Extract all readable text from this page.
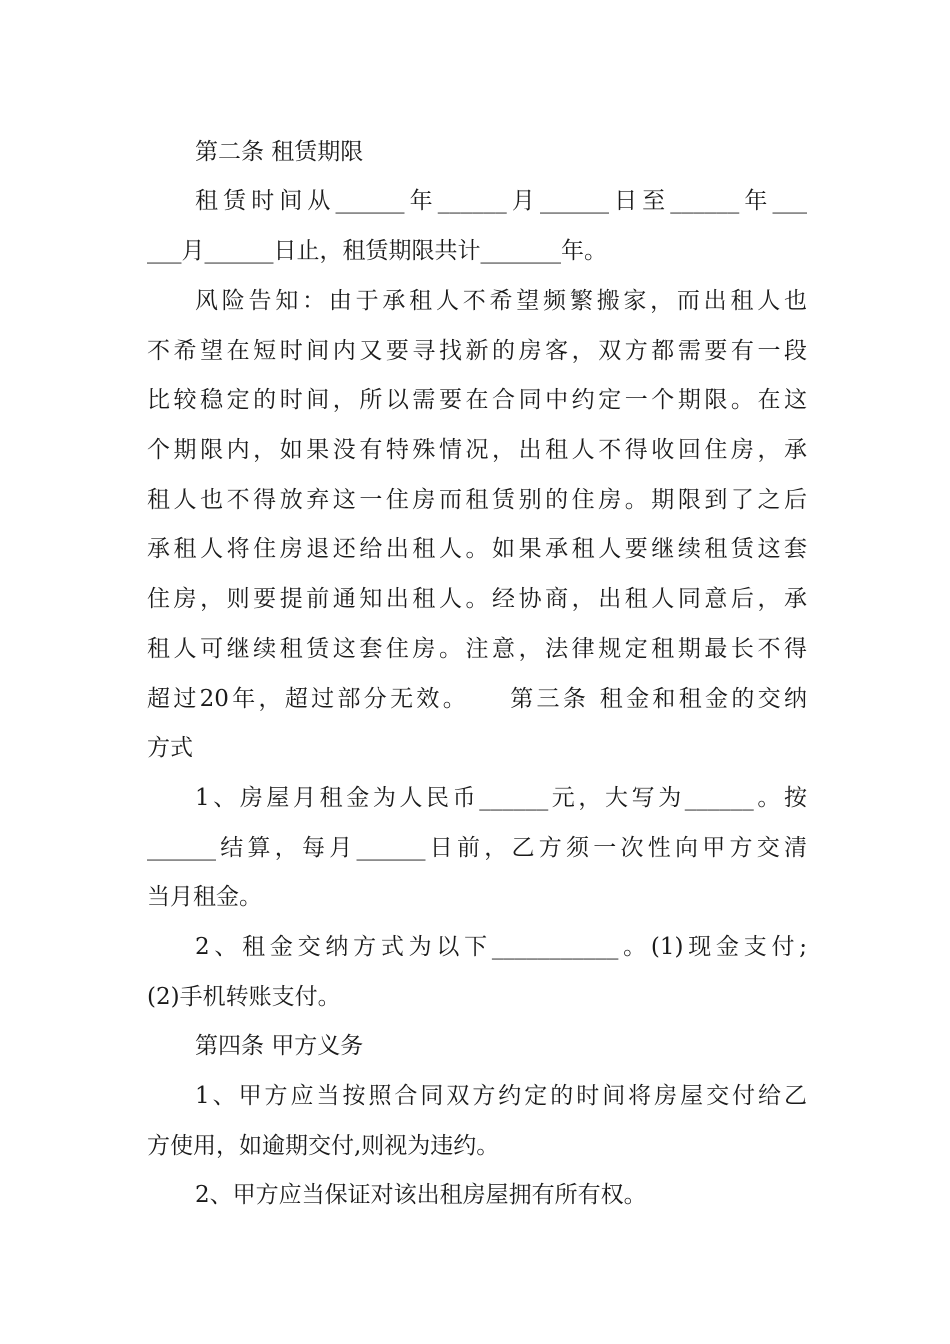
第二条 租赁期限
租赁时间从______年______月______日至______年___
___月______日止，租赁期限共计_______年。
风险告知：由于承租人不希望频繁搬家，而出租人也
不希望在短时间内又要寻找新的房客，双方都需要有一段
比较稳定的时间，所以需要在合同中约定一个期限。在这
个期限内，如果没有特殊情况，出租人不得收回住房，承
租人也不得放弃这一住房而租赁别的住房。期限到了之后
承租人将住房退还给出租人。如果承租人要继续租赁这套
住房，则要提前通知出租人。经协商，出租人同意后，承
租人可继续租赁这套住房。注意，法律规定租期最长不得
超过20年，超过部分无效。　　第三条 租金和租金的交纳
方式
1、房屋月租金为人民币______元，大写为______。按
______结算，每月______日前，乙方须一次性向甲方交清
当月租金。
2、租金交纳方式为以下___________。(1)现金支付;
(2)手机转账支付。
第四条 甲方义务
1、甲方应当按照合同双方约定的时间将房屋交付给乙
方使用，如逾期交付,则视为违约。
2、甲方应当保证对该出租房屋拥有所有权。
